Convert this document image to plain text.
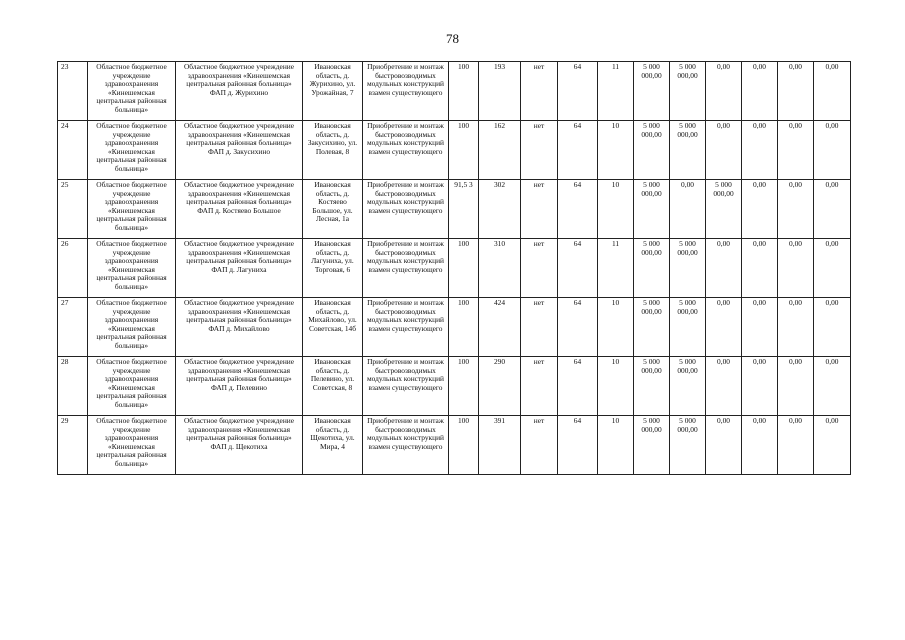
78
23	Областное бюджетное учреждение здравоохранения «Кинешемская центральная районная больница»	Областное бюджетное учреждение здравоохранения «Кинешемская центральная районная больница» ФАП д. Журихино	Ивановская область, д. Журихино, ул. Урожайная, 7	Приобретение и монтаж быстровозводимых модульных конструкций взамен существующего	100	193	нет	64	11	5 000 000,00	5 000 000,00	0,00	0,00	0,00	0,00
24	Областное бюджетное учреждение здравоохранения «Кинешемская центральная районная больница»	Областное бюджетное учреждение здравоохранения «Кинешемская центральная районная больница» ФАП д. Закусихино	Ивановская область, д. Закусихино, ул. Полевая, 8	Приобретение и монтаж быстровозводимых модульных конструкций взамен существующего	100	162	нет	64	10	5 000 000,00	5 000 000,00	0,00	0,00	0,00	0,00
25	Областное бюджетное учреждение здравоохранения «Кинешемская центральная районная больница»	Областное бюджетное учреждение здравоохранения «Кинешемская центральная районная больница» ФАП д. Костяево Большое	Ивановская область, д. Костяево Большое, ул. Лесная, 1а	Приобретение и монтаж быстровозводимых модульных конструкций взамен существующего	91,5 3	302	нет	64	10	5 000 000,00	0,00	5 000 000,00	0,00	0,00	0,00
26	Областное бюджетное учреждение здравоохранения «Кинешемская центральная районная больница»	Областное бюджетное учреждение здравоохранения «Кинешемская центральная районная больница» ФАП д. Лагуниха	Ивановская область, д. Лагуниха, ул. Торговая, 6	Приобретение и монтаж быстровозводимых модульных конструкций взамен существующего	100	310	нет	64	11	5 000 000,00	5 000 000,00	0,00	0,00	0,00	0,00
27	Областное бюджетное учреждение здравоохранения «Кинешемская центральная районная больница»	Областное бюджетное учреждение здравоохранения «Кинешемская центральная районная больница» ФАП д. Михайлово	Ивановская область, д. Михайлово, ул. Советская, 14б	Приобретение и монтаж быстровозводимых модульных конструкций взамен существующего	100	424	нет	64	10	5 000 000,00	5 000 000,00	0,00	0,00	0,00	0,00
28	Областное бюджетное учреждение здравоохранения «Кинешемская центральная районная больница»	Областное бюджетное учреждение здравоохранения «Кинешемская центральная районная больница» ФАП д. Пелевино	Ивановская область, д. Пелевино, ул. Советская, 8	Приобретение и монтаж быстровозводимых модульных конструкций взамен существующего	100	290	нет	64	10	5 000 000,00	5 000 000,00	0,00	0,00	0,00	0,00
29	Областное бюджетное учреждение здравоохранения «Кинешемская центральная районная больница»	Областное бюджетное учреждение здравоохранения «Кинешемская центральная районная больница» ФАП д. Щекотиха	Ивановская область, д. Щекотиха, ул. Мира, 4	Приобретение и монтаж быстровозводимых модульных конструкций взамен существующего	100	391	нет	64	10	5 000 000,00	5 000 000,00	0,00	0,00	0,00	0,00
